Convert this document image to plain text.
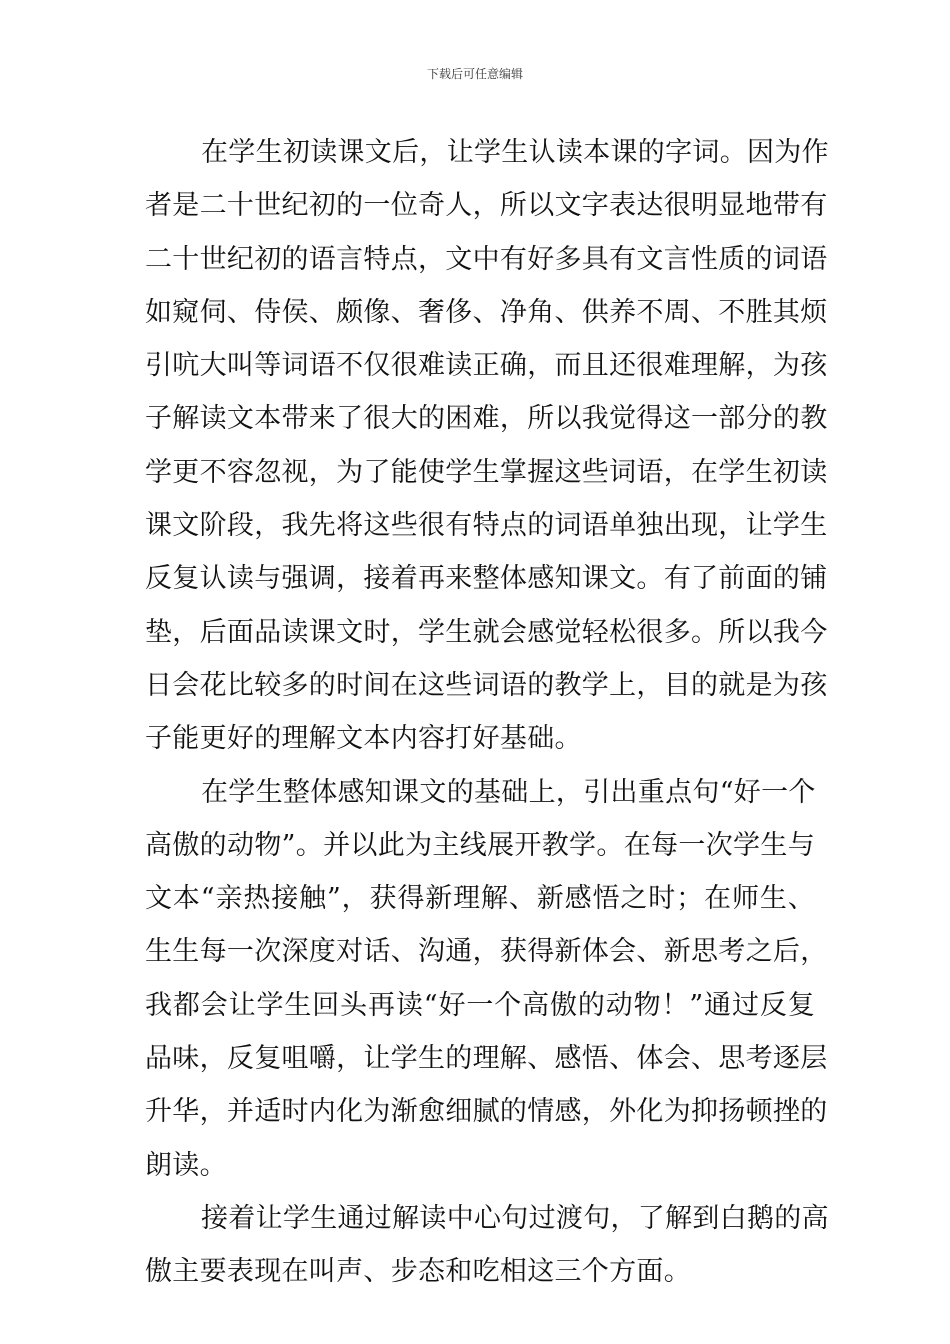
下载后可任意编辑
在学生初读课文后，让学生认读本课的字词。因为作
者是二十世纪初的一位奇人，所以文字表达很明显地带有
二十世纪初的语言特点，文中有好多具有文言性质的词语
如窥伺、侍侯、颇像、奢侈、净角、供养不周、不胜其烦
引吭大叫等词语不仅很难读正确，而且还很难理解，为孩
子解读文本带来了很大的困难，所以我觉得这一部分的教
学更不容忽视，为了能使学生掌握这些词语，在学生初读
课文阶段，我先将这些很有特点的词语单独出现，让学生
反复认读与强调，接着再来整体感知课文。有了前面的铺
垫，后面品读课文时，学生就会感觉轻松很多。所以我今
日会花比较多的时间在这些词语的教学上，目的就是为孩
子能更好的理解文本内容打好基础。
在学生整体感知课文的基础上，引出重点句“好一个
高傲的动物”。并以此为主线展开教学。在每一次学生与
文本“亲热接触”，获得新理解、新感悟之时；在师生、
生生每一次深度对话、沟通，获得新体会、新思考之后，
我都会让学生回头再读“好一个高傲的动物！”通过反复
品味，反复咀嚼，让学生的理解、感悟、体会、思考逐层
升华，并适时内化为渐愈细腻的情感，外化为抑扬顿挫的
朗读。
接着让学生通过解读中心句过渡句，了解到白鹅的高
傲主要表现在叫声、步态和吃相这三个方面。
